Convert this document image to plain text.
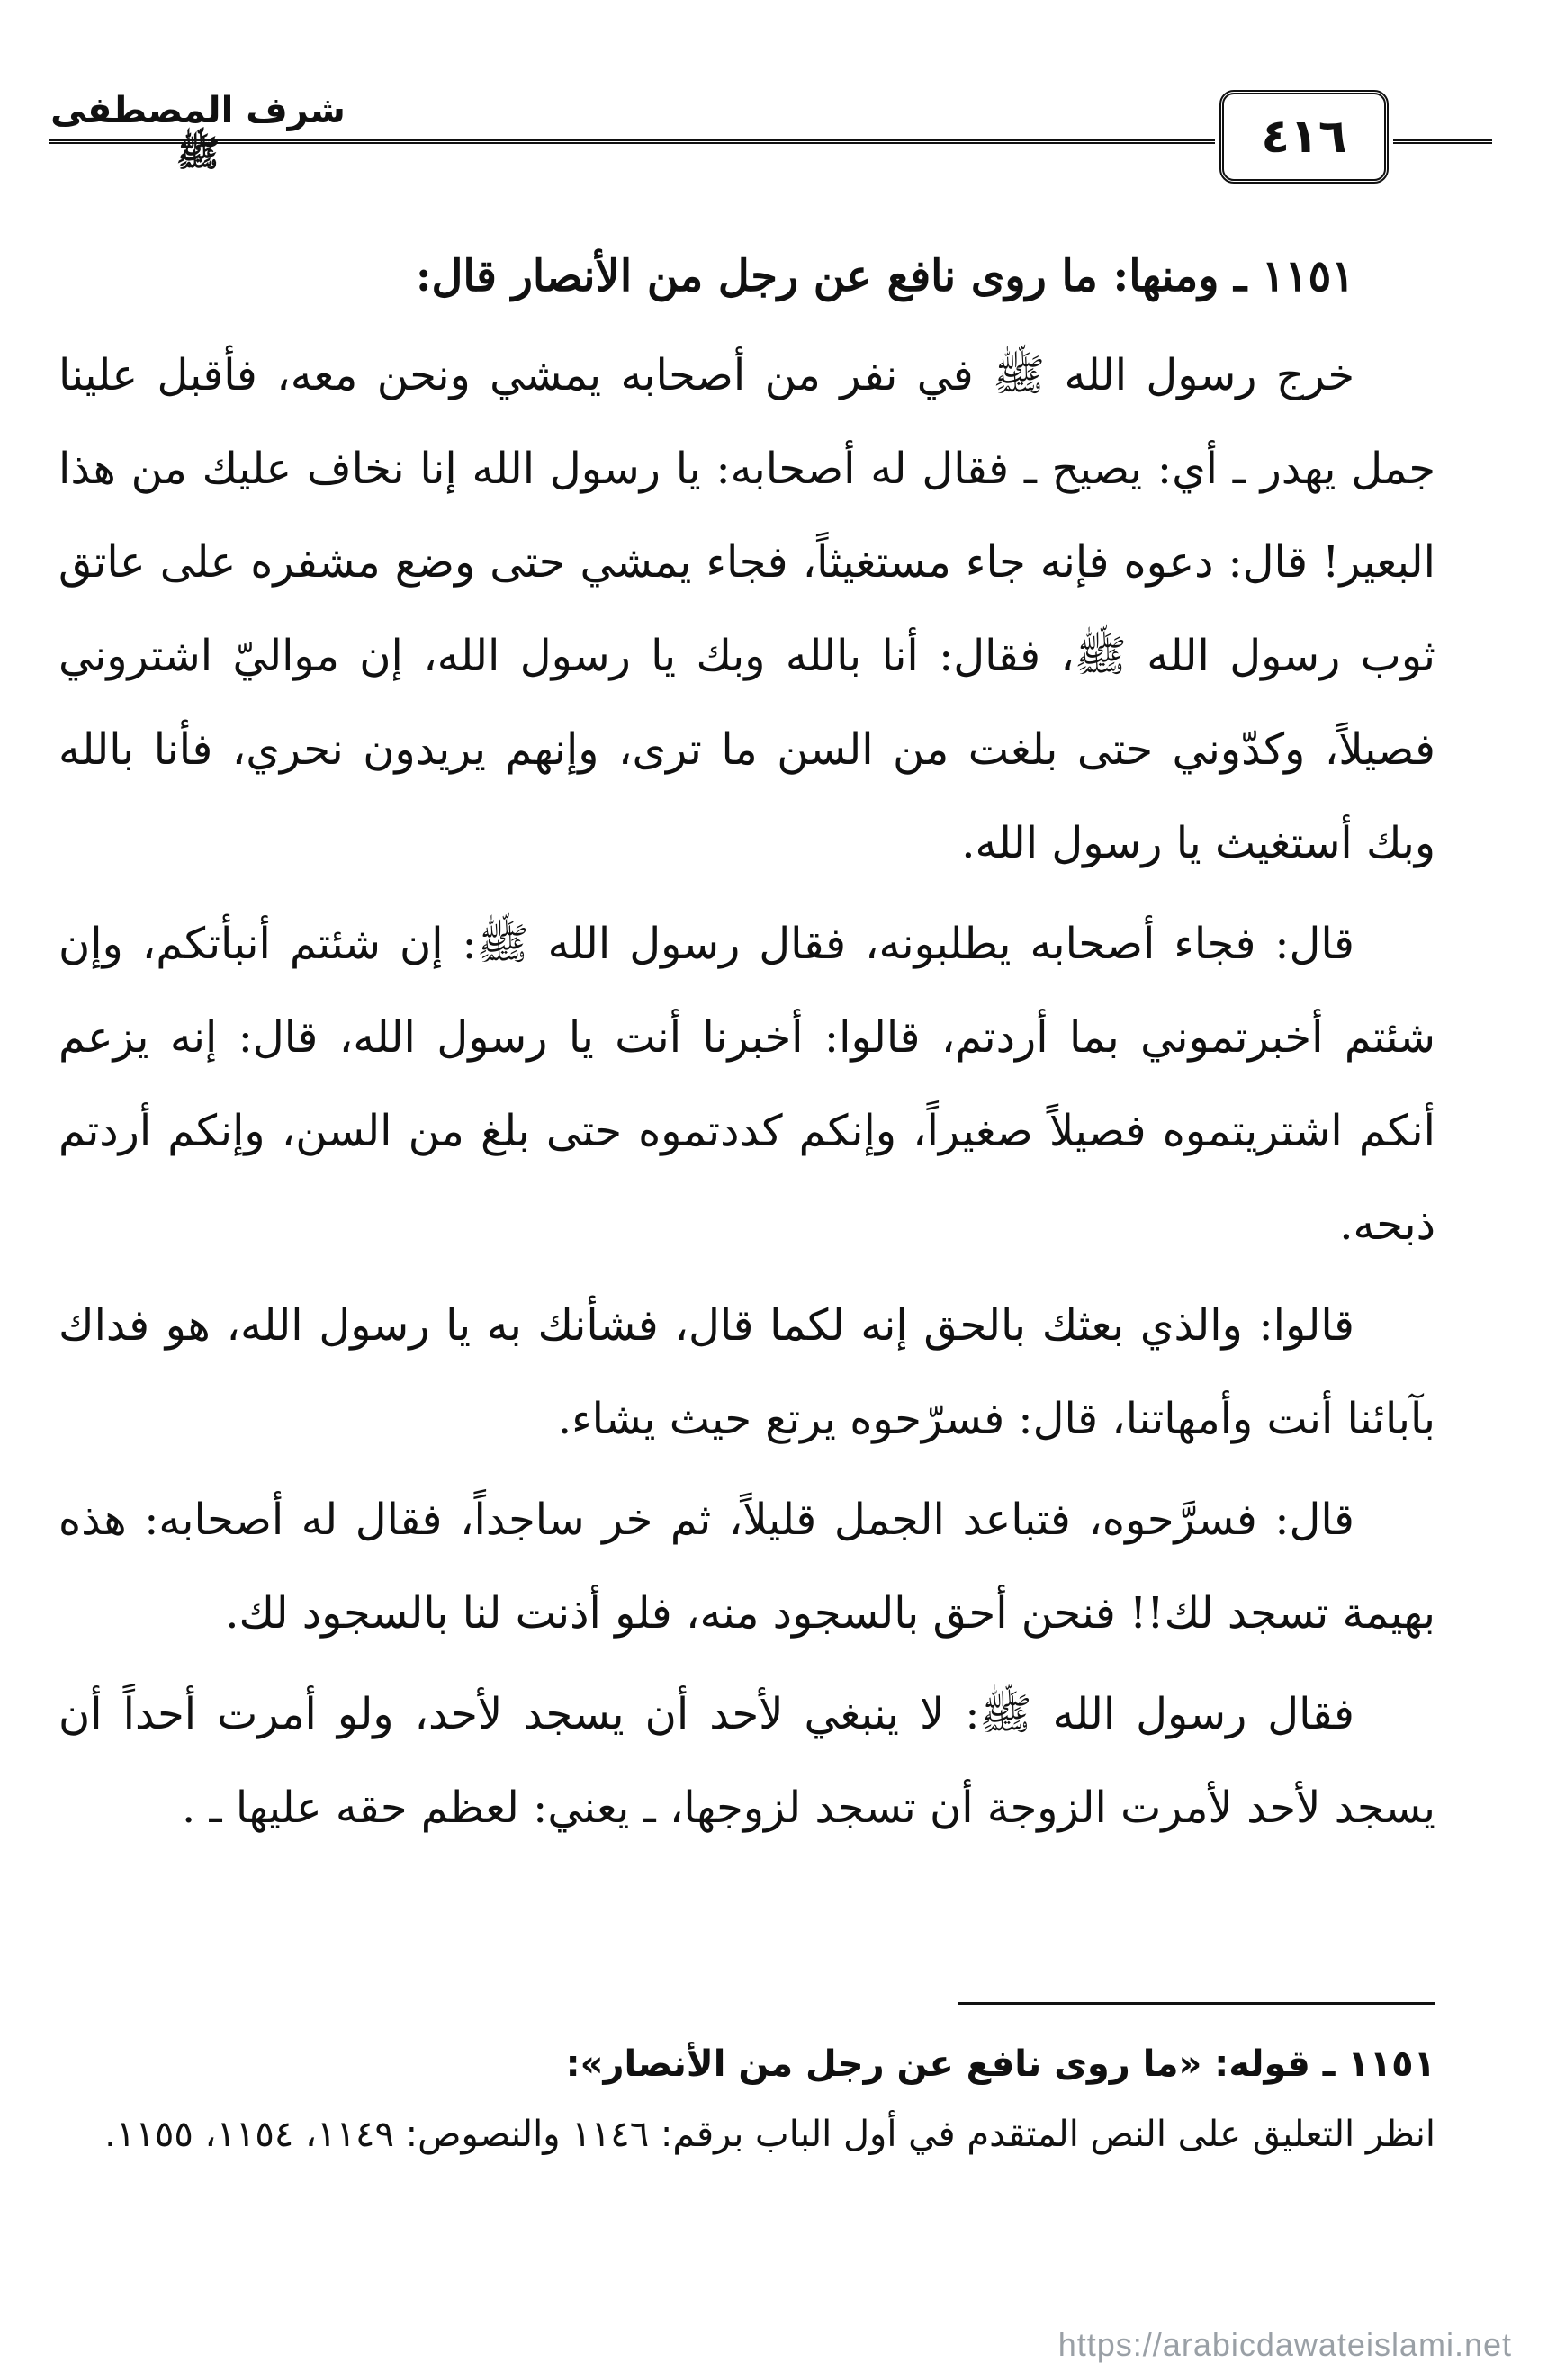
شرف المصطفى ﷺ	٤١٦

١١٥١ ـ ومنها: ما روى نافع عن رجل من الأنصار قال:

خرج رسول الله ﷺ في نفر من أصحابه يمشي ونحن معه، فأقبل علينا جمل يهدر ـ أي: يصيح ـ فقال له أصحابه: يا رسول الله إنا نخاف عليك من هذا البعير! قال: دعوه فإنه جاء مستغيثاً، فجاء يمشي حتى وضع مشفره على عاتق ثوب رسول الله ﷺ، فقال: أنا بالله وبك يا رسول الله، إن مواليّ اشتروني فصيلاً، وكدّوني حتى بلغت من السن ما ترى، وإنهم يريدون نحري، فأنا بالله وبك أستغيث يا رسول الله.

قال: فجاء أصحابه يطلبونه، فقال رسول الله ﷺ: إن شئتم أنبأتكم، وإن شئتم أخبرتموني بما أردتم، قالوا: أخبرنا أنت يا رسول الله، قال: إنه يزعم أنكم اشتريتموه فصيلاً صغيراً، وإنكم كددتموه حتى بلغ من السن، وإنكم أردتم ذبحه.

قالوا: والذي بعثك بالحق إنه لكما قال، فشأنك به يا رسول الله، هو فداك بآبائنا أنت وأمهاتنا، قال: فسرّحوه يرتع حيث يشاء.

قال: فسرَّحوه، فتباعد الجمل قليلاً، ثم خر ساجداً، فقال له أصحابه: هذه بهيمة تسجد لك!! فنحن أحق بالسجود منه، فلو أذنت لنا بالسجود لك.

فقال رسول الله ﷺ: لا ينبغي لأحد أن يسجد لأحد، ولو أمرت أحداً أن يسجد لأحد لأمرت الزوجة أن تسجد لزوجها، ـ يعني: لعظم حقه عليها ـ .

١١٥١ ـ قوله: «ما روى نافع عن رجل من الأنصار»:

انظر التعليق على النص المتقدم في أول الباب برقم: ١١٤٦ والنصوص: ١١٤٩، ١١٥٤، ١١٥٥.

https://arabicdawateislami.net
